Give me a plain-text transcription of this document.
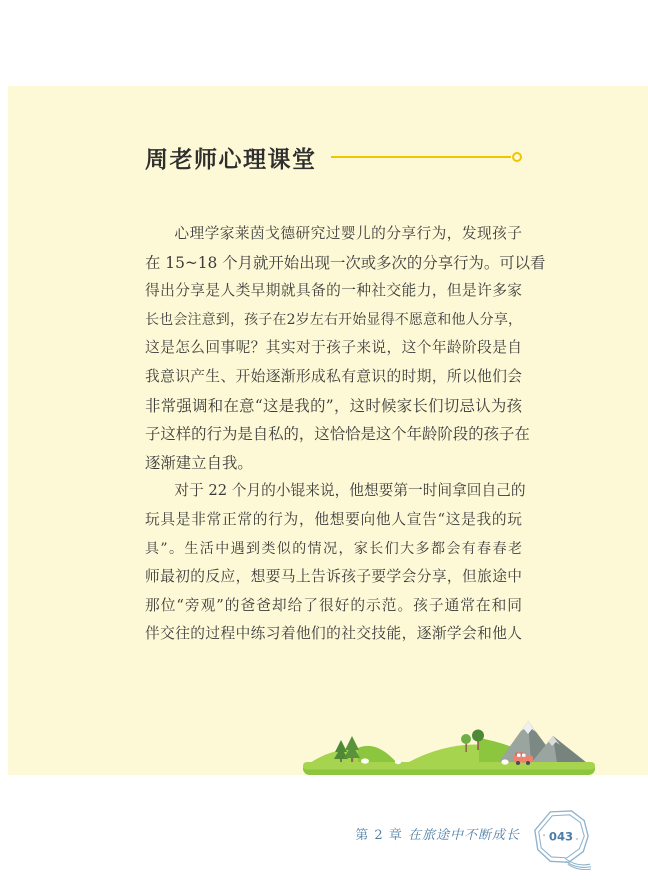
周老师心理课堂
心理学家莱茵戈德研究过婴儿的分享行为，发现孩子
在 15~18 个月就开始出现一次或多次的分享行为。可以看
得出分享是人类早期就具备的一种社交能力，但是许多家
长也会注意到，孩子在2岁左右开始显得不愿意和他人分享，
这是怎么回事呢？其实对于孩子来说，这个年龄阶段是自
我意识产生、开始逐渐形成私有意识的时期，所以他们会
非常强调和在意“这是我的”，这时候家长们切忌认为孩
子这样的行为是自私的，这恰恰是这个年龄阶段的孩子在
逐渐建立自我。
对于 22 个月的小锟来说，他想要第一时间拿回自己的
玩具是非常正常的行为，他想要向他人宣告“这是我的玩
具”。生活中遇到类似的情况，家长们大多都会有春春老
师最初的反应，想要马上告诉孩子要学会分享，但旅途中
那位“旁观”的爸爸却给了很好的示范。孩子通常在和同
伴交往的过程中练习着他们的社交技能，逐渐学会和他人
第 2 章 在旅途中不断成长 043
